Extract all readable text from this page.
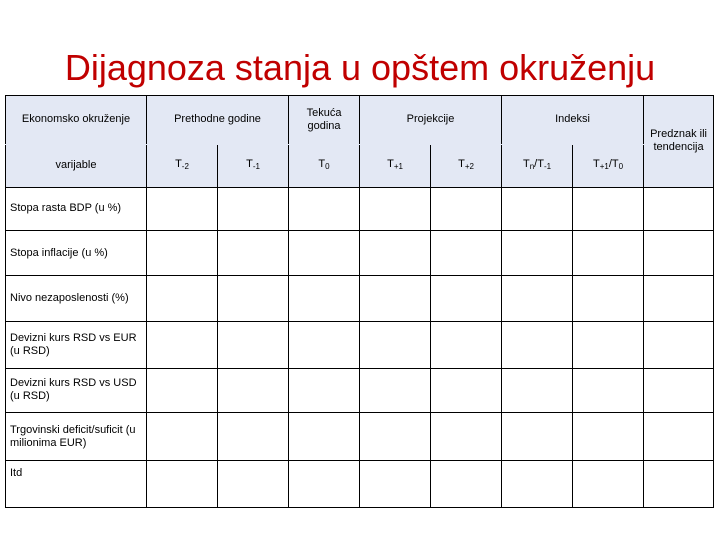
Dijagnoza stanja u opštem okruženju
Ekonomsko okruženje	Prethodne godine		Tekuća godina	Projekcije		Indeksi		Predznak ili tendencija
varijable	$T_{-2}$	$T_{-1}$	$T_0$	$T_{+1}$	$T_{+2}$	$T_n/T_{-1}$	$T_{+1}/T_0$
Stopa rasta BDP (u %)								
Stopa inflacije (u %)								
Nivo nezaposlenosti (%)								
Devizni kurs RSD vs EUR (u RSD)								
Devizni kurs RSD vs USD (u RSD)								
Trgovinski deficit/suficit (u milionima EUR)								
Itd								
